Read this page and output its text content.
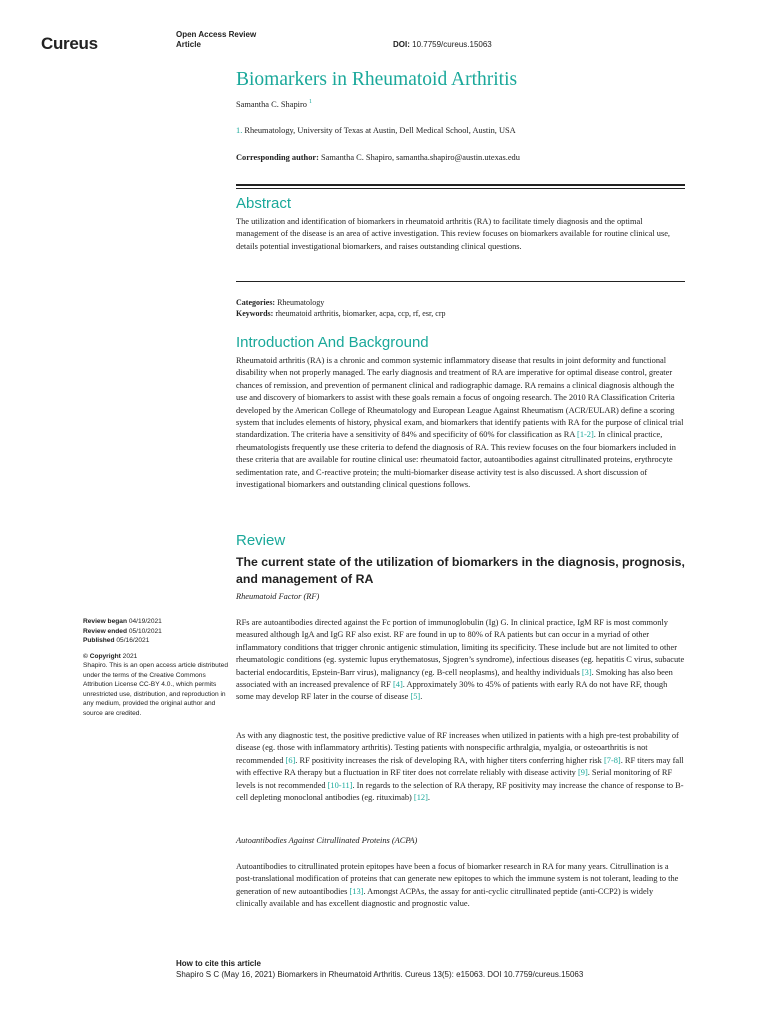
Cureus	Open Access Review
Article	DOI: 10.7759/cureus.15063
Biomarkers in Rheumatoid Arthritis
Samantha C. Shapiro $^1$
1. Rheumatology, University of Texas at Austin, Dell Medical School, Austin, USA
Corresponding author: Samantha C. Shapiro, samantha.shapiro@austin.utexas.edu
Abstract

The utilization and identification of biomarkers in rheumatoid arthritis (RA) to facilitate timely diagnosis and the optimal management of the disease is an area of active investigation. This review focuses on biomarkers available for routine clinical use, details potential investigational biomarkers, and raises outstanding clinical questions.

Categories: Rheumatology
Keywords: rheumatoid arthritis, biomarker, acpa, ccp, rf, esr, crp
Introduction And Background

Rheumatoid arthritis (RA) is a chronic and common systemic inflammatory disease that results in joint deformity and functional disability when not properly managed. The early diagnosis and treatment of RA are imperative for optimal disease control, greater chances of remission, and prevention of permanent clinical and radiographic damage. RA remains a clinical diagnosis although the use and discovery of biomarkers to assist with these goals remain a focus of ongoing research. The 2010 RA Classification Criteria developed by the American College of Rheumatology and European League Against Rheumatism (ACR/EULAR) define a scoring system that includes elements of history, physical exam, and biomarkers that identify patients with RA for the purpose of clinical trial standardization. The criteria have a sensitivity of 84% and specificity of 60% for classification as RA [1-2]. In clinical practice, rheumatologists frequently use these criteria to defend the diagnosis of RA. This review focuses on the four biomarkers included in these criteria that are available for routine clinical use: rheumatoid factor, autoantibodies against citrullinated proteins, erythrocyte sedimentation rate, and C-reactive protein; the multi-biomarker disease activity test is also discussed. A short discussion of investigational biomarkers and outstanding clinical questions follows.

Review
The current state of the utilization of biomarkers in the diagnosis, prognosis, and management of RA
Rheumatoid Factor (RF)

RFs are autoantibodies directed against the Fc portion of immunoglobulin (Ig) G. In clinical practice, IgM RF is most commonly measured although IgA and IgG RF also exist. RF are found in up to 80% of RA patients but can occur in a myriad of other inflammatory conditions that trigger chronic antigenic stimulation, limiting its specificity. These include but are not limited to other rheumatologic conditions (eg. systemic lupus erythematosus, Sjogren’s syndrome), infectious diseases (eg. hepatitis C virus, subacute bacterial endocarditis, Epstein-Barr virus), malignancy (eg. B-cell neoplasms), and healthy individuals [3]. Smoking has also been associated with an increased prevalence of RF [4]. Approximately 30% to 45% of patients with early RA do not have RF, though some may develop RF later in the course of disease [5].

As with any diagnostic test, the positive predictive value of RF increases when utilized in patients with a high pre-test probability of disease (eg. those with inflammatory arthritis). Testing patients with nonspecific arthralgia, myalgia, or osteoarthritis is not recommended [6]. RF positivity increases the risk of developing RA, with higher titers conferring higher risk [7-8]. RF titers may fall with effective RA therapy but a fluctuation in RF titer does not correlate reliably with disease activity [9]. Serial monitoring of RF levels is not recommended [10-11]. In regards to the selection of RA therapy, RF positivity may increase the chance of response to B-cell depleting monoclonal antibodies (eg. rituximab) [12].

Autoantibodies Against Citrullinated Proteins (ACPA)

Autoantibodies to citrullinated protein epitopes have been a focus of biomarker research in RA for many years. Citrullination is a post-translational modification of proteins that can generate new epitopes to which the immune system is not tolerant, leading to the generation of new autoantibodies [13]. Amongst ACPAs, the assay for anti-cyclic citrullinated peptide (anti-CCP2) is widely clinically available and has excellent diagnostic and prognostic value.

Review began 04/19/2021

Review ended 05/10/2021

Published 05/16/2021

© Copyright 2021

Shapiro. This is an open access article distributed under the terms of the Creative Commons Attribution License CC-BY 4.0., which permits unrestricted use, distribution, and reproduction in any medium, provided the original author and source are credited.

How to cite this article
Shapiro S C (May 16, 2021) Biomarkers in Rheumatoid Arthritis. Cureus 13(5): e15063. DOI 10.7759/cureus.15063
